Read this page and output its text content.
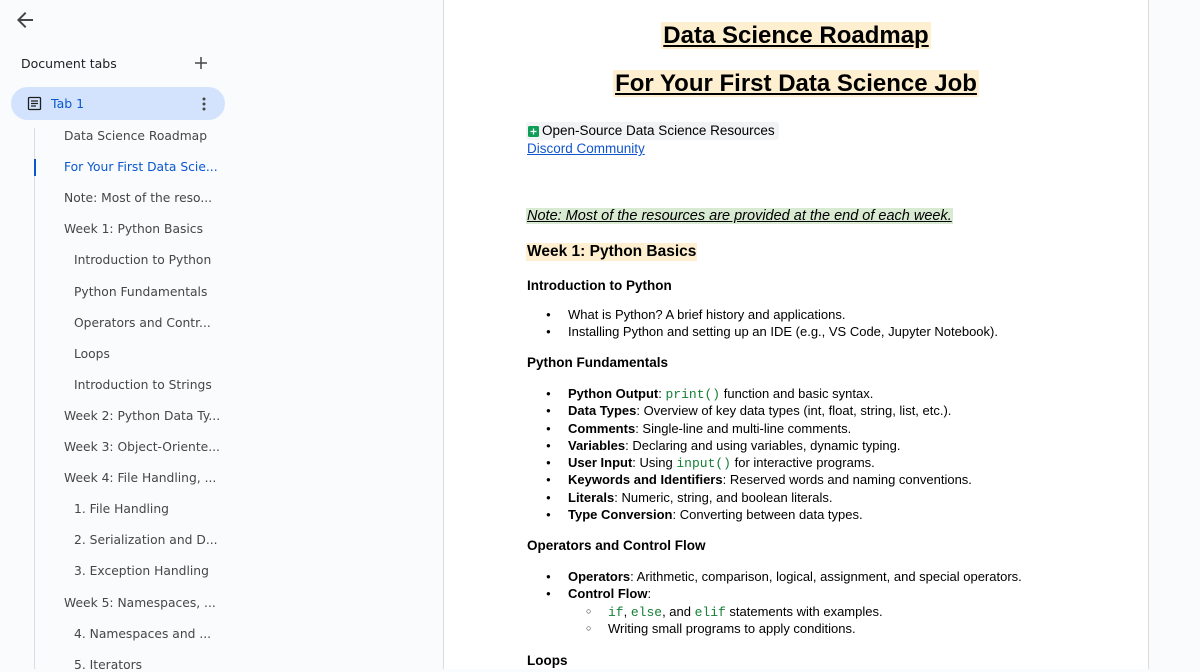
Document tabs
Tab 1
Data Science Roadmap
For Your First Data Scie...
Note: Most of the reso...
Week 1: Python Basics
Introduction to Python
Python Fundamentals
Operators and Contr...
Loops
Introduction to Strings
Week 2: Python Data Ty...
Week 3: Object-Oriente...
Week 4: File Handling, ...
1. File Handling
2. Serialization and D...
3. Exception Handling
Week 5: Namespaces, ...
4. Namespaces and ...
5. Iterators
Data Science Roadmap
For Your First Data Science Job
Open-Source Data Science Resources
Discord Community
Note: Most of the resources are provided at the end of each week.
Week 1: Python Basics
Introduction to Python
● What is Python? A brief history and applications.
● Installing Python and setting up an IDE (e.g., VS Code, Jupyter Notebook).
Python Fundamentals
● Python Output: print() function and basic syntax.
● Data Types: Overview of key data types (int, float, string, list, etc.).
● Comments: Single-line and multi-line comments.
● Variables: Declaring and using variables, dynamic typing.
● User Input: Using input() for interactive programs.
● Keywords and Identifiers: Reserved words and naming conventions.
● Literals: Numeric, string, and boolean literals.
● Type Conversion: Converting between data types.
Operators and Control Flow
● Operators: Arithmetic, comparison, logical, assignment, and special operators.
● Control Flow:
○ if, else, and elif statements with examples.
○ Writing small programs to apply conditions.
Loops
